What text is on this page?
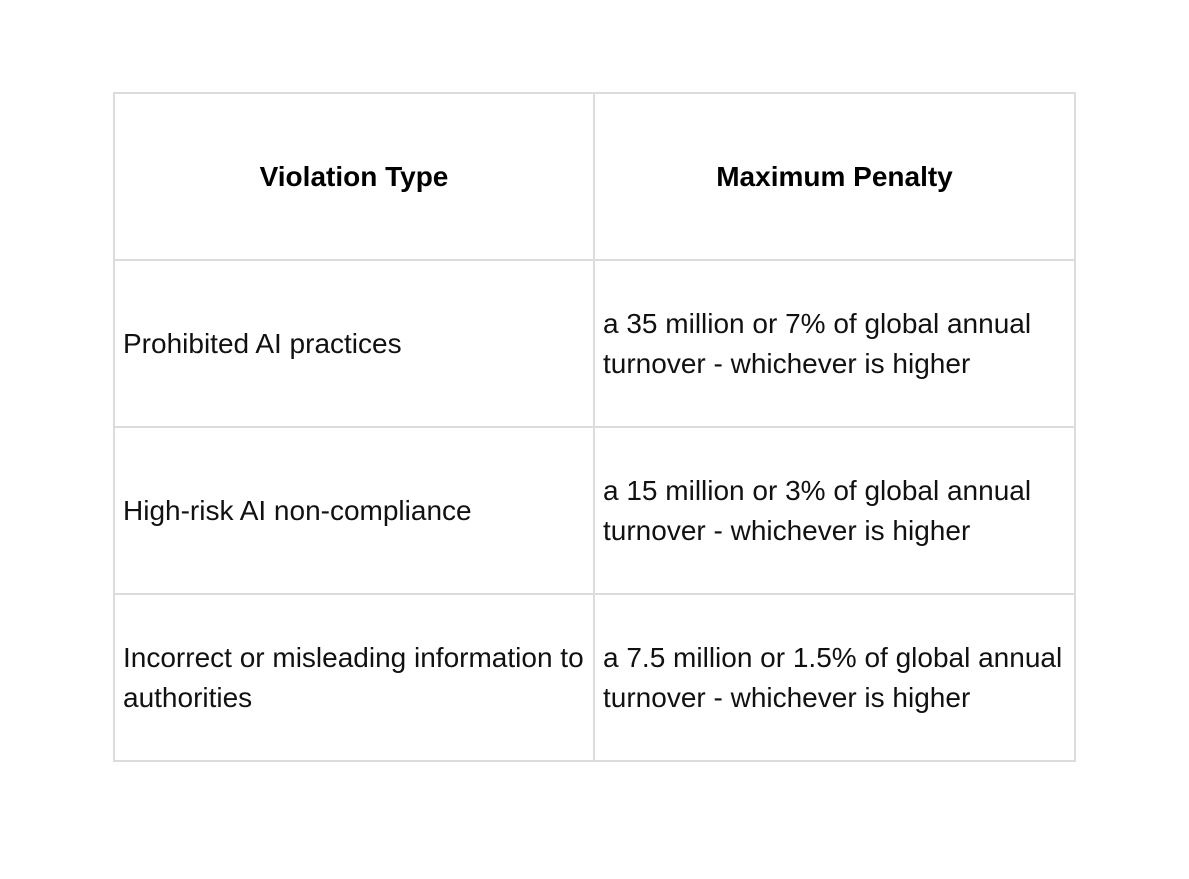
Violation Type	Maximum Penalty
Prohibited AI practices	a 35 million or 7% of global annual turnover - whichever is higher
High-risk AI non-compliance	a 15 million or 3% of global annual turnover - whichever is higher
Incorrect or misleading information to authorities	a 7.5 million or 1.5% of global annual turnover - whichever is higher
